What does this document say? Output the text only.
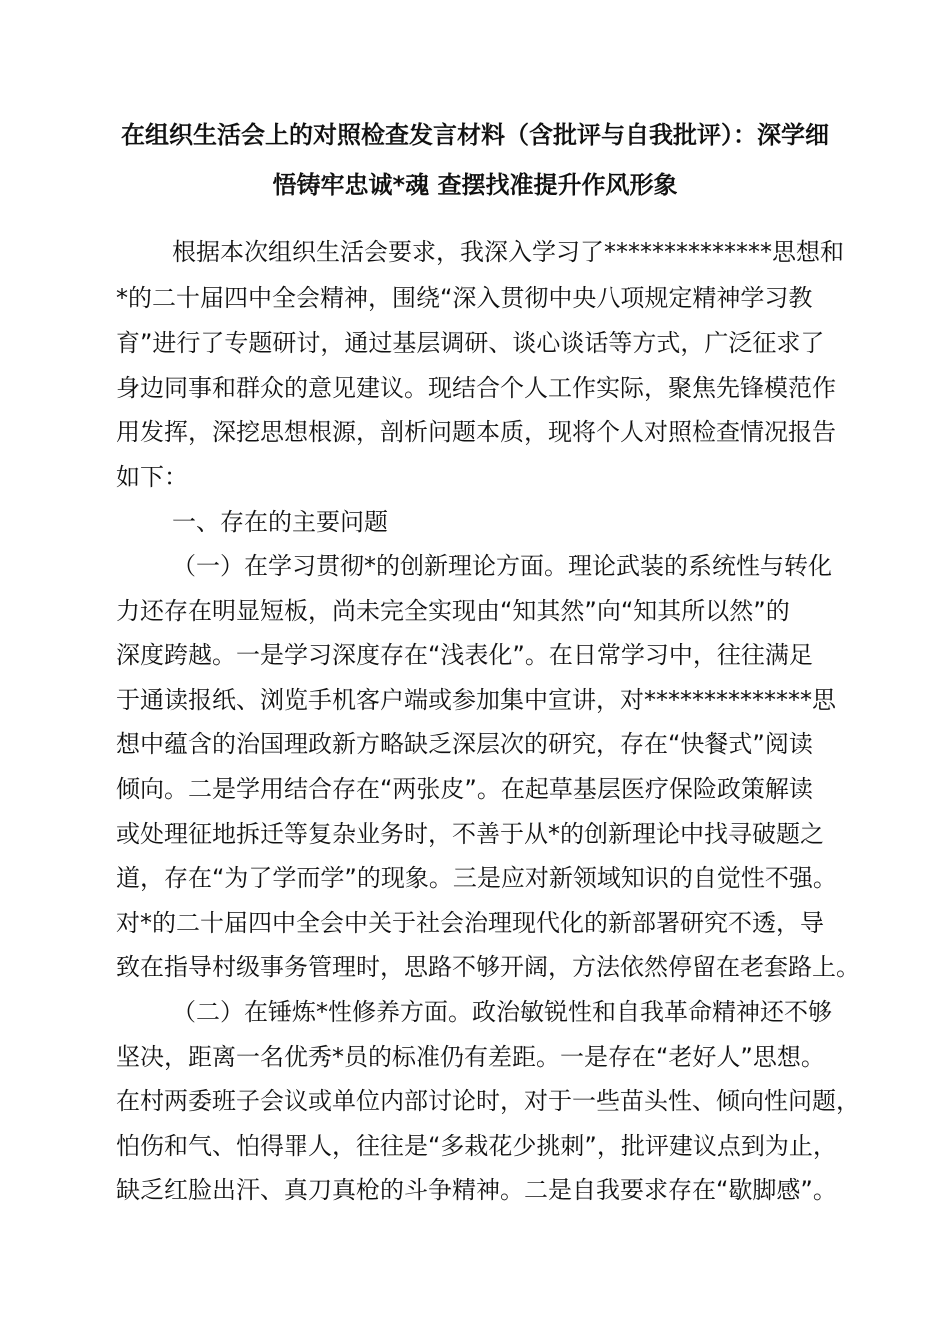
在组织生活会上的对照检查发言材料（含批评与自我批评）：深学细
悟铸牢忠诚*魂 查摆找准提升作风形象
根据本次组织生活会要求，我深入学习了**************思想和
*的二十届四中全会精神，围绕“深入贯彻中央八项规定精神学习教
育”进行了专题研讨，通过基层调研、谈心谈话等方式，广泛征求了
身边同事和群众的意见建议。现结合个人工作实际，聚焦先锋模范作
用发挥，深挖思想根源，剖析问题本质，现将个人对照检查情况报告
如下：
一、存在的主要问题
（一）在学习贯彻*的创新理论方面。理论武装的系统性与转化
力还存在明显短板，尚未完全实现由“知其然”向“知其所以然”的
深度跨越。一是学习深度存在“浅表化”。在日常学习中，往往满足
于通读报纸、浏览手机客户端或参加集中宣讲，对**************思
想中蕴含的治国理政新方略缺乏深层次的研究，存在“快餐式”阅读
倾向。二是学用结合存在“两张皮”。在起草基层医疗保险政策解读
或处理征地拆迁等复杂业务时，不善于从*的创新理论中找寻破题之
道，存在“为了学而学”的现象。三是应对新领域知识的自觉性不强。
对*的二十届四中全会中关于社会治理现代化的新部署研究不透，导
致在指导村级事务管理时，思路不够开阔，方法依然停留在老套路上。
（二）在锤炼*性修养方面。政治敏锐性和自我革命精神还不够
坚决，距离一名优秀*员的标准仍有差距。一是存在“老好人”思想。
在村两委班子会议或单位内部讨论时，对于一些苗头性、倾向性问题，
怕伤和气、怕得罪人，往往是“多栽花少挑刺”，批评建议点到为止，
缺乏红脸出汗、真刀真枪的斗争精神。二是自我要求存在“歇脚感”。
